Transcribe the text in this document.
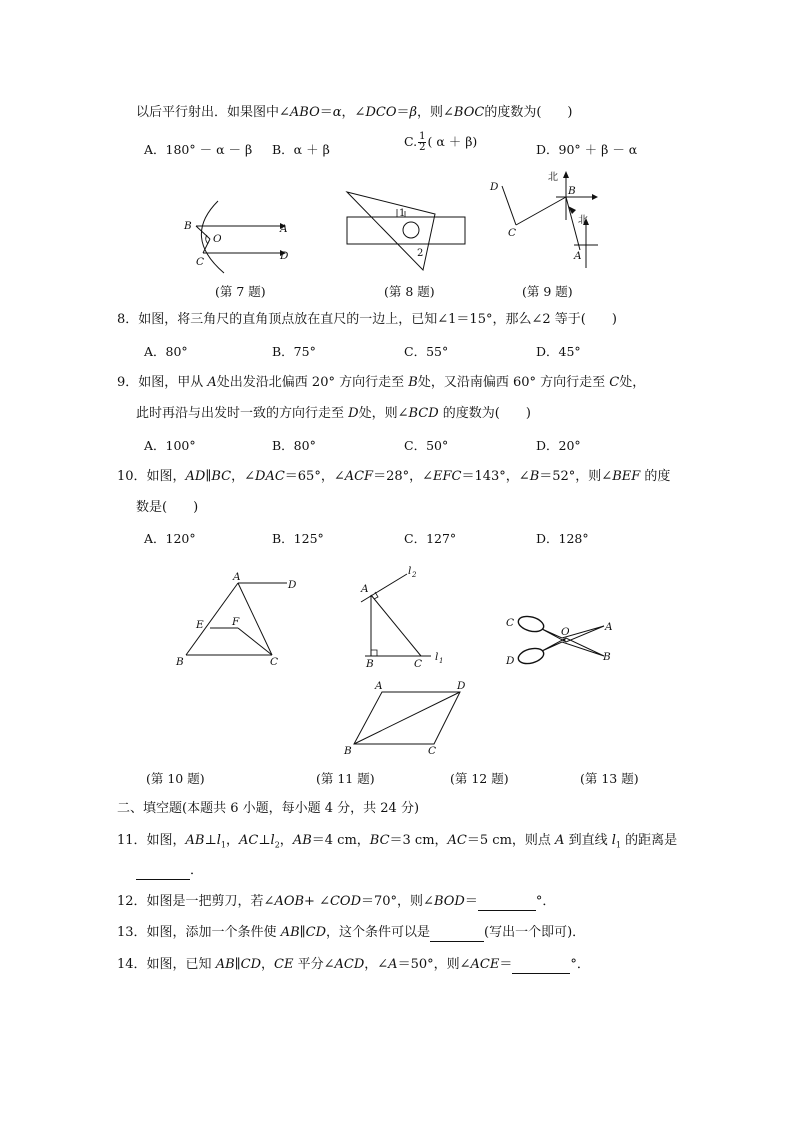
以后平行射出．如果图中∠ABO＝α，∠DCO＝β，则∠BOC的度数为(　　)
A．180° － α － β B．α ＋ β
C. $\frac{1}{2}$ ( α ＋ β)
D．90° ＋ β － α
B
O
A
C	D
1
2
D	B
北
C
北
A
(第 7 题)	(第 8 题)	(第 9 题)
8．如图，将三角尺的直角顶点放在直尺的一边上，已知∠1＝15°，那么∠2 等于(　　)
A．80°	B．75°	C．55°	D．45°
9．如图，甲从 A处出发沿北偏西 20° 方向行走至 B处，又沿南偏西 60° 方向行走至 C处，
此时再沿与出发时一致的方向行走至 D处，则∠BCD 的度数为(　　)
A．100°	B．80°	C．50°	D．20°
10．如图，AD∥BC，∠DAC＝65°，∠ACF＝28°，∠EFC＝143°，∠B＝52°，则∠BEF 的度
数是(　　)
A．120°	B．125°	C．127°	D．128°
A
D
E	F
B	C
A
l 2
B	C
l 1
C
O	A
D	B
A	D
B	C
(第 10 题)	(第 11 题)	(第 12 题)	(第 13 题)
二、填空题(本题共 6 小题，每小题 4 分，共 24 分)
11．如图，$AB\perp l_1$，$AC\perp l_2$，AB＝4 cm，BC＝3 cm，AC＝5 cm，则点 A 到直线 $l_1$ 的距离是
．
12．如图是一把剪刀，若∠AOB+ ∠COD＝70°，则∠BOD＝	°．
13．如图，添加一个条件使 AB∥CD，这个条件可以是	(写出一个即可)．
14．如图，已知 AB∥CD，CE 平分∠ACD，∠A＝50°，则∠ACE＝	°．
